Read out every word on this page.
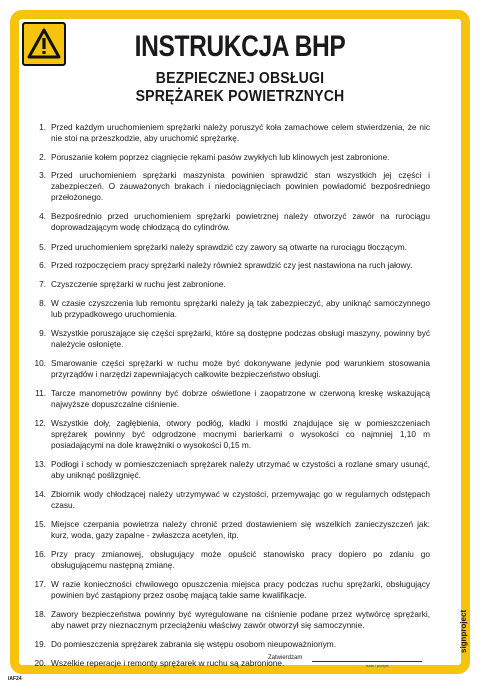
INSTRUKCJA BHP
BEZPIECZNEJ OBSŁUGI
SPRĘŻAREK POWIETRZNYCH
1. Przed każdym uruchomieniem sprężarki należy poruszyć koła zamachowe celem stwierdzenia, że nic nie stoi na przeszkodzie, aby uruchomić sprężarkę.
2. Poruszanie kołem poprzez ciągnięcie rękami pasów zwykłych lub klinowych jest zabronione.
3. Przed uruchomieniem sprężarki maszynista powinien sprawdzić stan wszystkich jej części i zabezpieczeń. O zauważonych brakach i niedociągnięciach powinien powiadomić bezpośredniego przełożonego.
4. Bezpośrednio przed uruchomieniem sprężarki powietrznej należy otworzyć zawór na rurociągu doprowadzającym wodę chłodzącą do cylindrów.
5. Przed uruchomieniem sprężarki należy sprawdzić czy zawory są otwarte na rurociągu tłoczącym.
6. Przed rozpoczęciem pracy sprężarki należy również sprawdzić czy jest nastawiona na ruch jałowy.
7. Czyszczenie sprężarki w ruchu jest zabronione.
8. W czasie czyszczenia lub remontu sprężarki należy ją tak zabezpieczyć, aby uniknąć samoczynnego lub przypadkowego uruchomienia.
9. Wszystkie poruszające się części sprężarki, które są dostępne podczas obsługi maszyny, powinny być należycie osłonięte.
10. Smarowanie części sprężarki w ruchu może być dokonywane jedynie pod warunkiem stosowania przyrządów i narzędzi zapewniających całkowite bezpieczeństwo obsługi.
11. Tarcze manometrów powinny być dobrze oświetlone i zaopatrzone w czerwoną kreskę wskazującą najwyższe dopuszczalne ciśnienie.
12. Wszystkie doły, zagłębienia, otwory podłóg, kładki i mostki znajdujące się w pomieszczeniach sprężarek powinny być odgrodzone mocnymi barierkami o wysokości co najmniej 1,10 m posiadającymi na dole krawężniki o wysokości 0,15 m.
13. Podłogi i schody w pomieszczeniach sprężarek należy utrzymać w czystości a rozlane smary usunąć, aby uniknąć poślizgnięć.
14. Zbiornik wody chłodzącej należy utrzymywać w czystości, przemywając go w regularnych odstępach czasu.
15. Miejsce czerpania powietrza należy chronić przed dostawieniem się wszelkich zanieczyszczeń jak: kurz, woda, gazy zapalne - zwłaszcza acetylen, itp.
16. Przy pracy zmianowej, obsługujący może opuścić stanowisko pracy dopiero po zdaniu go obsługującemu następną zmianę.
17. W razie konieczności chwilowego opuszczenia miejsca pracy podczas ruchu sprężarki, obsługujący powinien być zastąpiony przez osobę mającą takie same kwalifikacje.
18. Zawory bezpieczeństwa powinny być wyregulowane na ciśnienie podane przez wytwórcę sprężarki, aby nawet przy nieznacznym przeciążeniu właściwy zawór otworzył się samoczynnie.
19. Do pomieszczenia sprężarek zabrania się wstępu osobom nieupoważnionym.
20. Wszelkie reperacje i remonty sprężarek w ruchu są zabronione.
Zatwierdzam
data i podpis
signproject
IAF24
